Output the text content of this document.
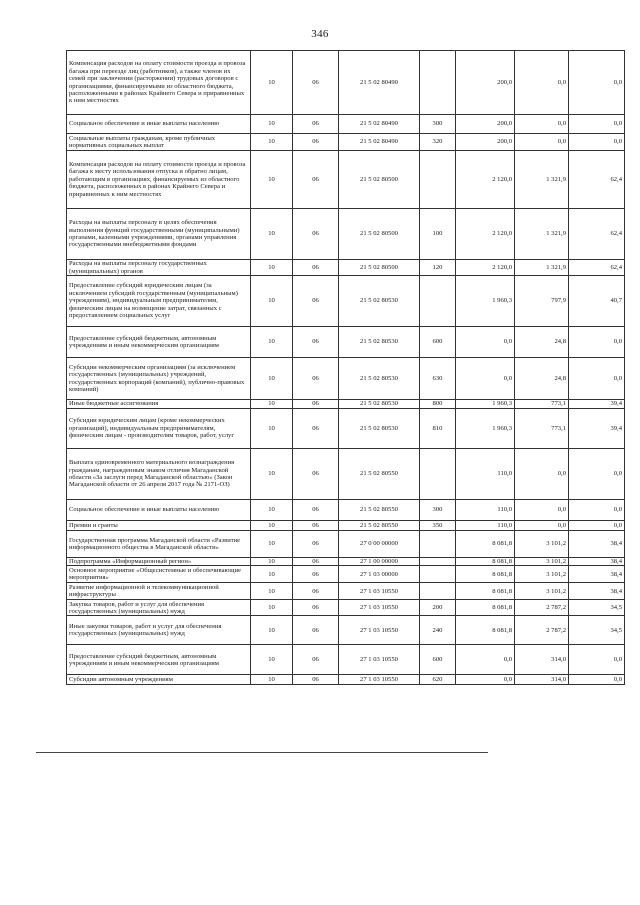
346
Компенсация расходов на оплату стоимости проезда и провоза багажа при переезде лиц (работников), а также членов их семей при заключении (расторжении) трудовых договоров с организациями, финансируемыми из областного бюджета, расположенными в районах Крайнего Севера и приравненных к ним местностях	10	06	21 5 02 80490		200,0	0,0	0,0
Социальное обеспечение и иные выплаты населению	10	06	21 5 02 80490	300	200,0	0,0	0,0
Социальные выплаты гражданам, кроме публичных нормативных социальных выплат	10	06	21 5 02 80490	320	200,0	0,0	0,0
Компенсация расходов на оплату стоимости проезда и провоза багажа к месту использования отпуска и обратно лицам, работающим в организациях, финансируемых из областного бюджета, расположенных в районах Крайнего Севера и приравненных к ним местностях	10	06	21 5 02 80500		2 120,0	1 321,9	62,4
Расходы на выплаты персоналу в целях обеспечения выполнения функций государственными (муниципальными) органами, казенными учреждениями, органами управления государственными внебюджетными фондами	10	06	21 5 02 80500	100	2 120,0	1 321,9	62,4
Расходы на выплаты персоналу государственных (муниципальных) органов	10	06	21 5 02 80500	120	2 120,0	1 321,9	62,4
Предоставление субсидий юридическим лицам (за исключением субсидий государственным (муниципальным) учреждениям), индивидуальным предпринимателям, физическим лицам на возмещение затрат, связанных с предоставлением социальных услуг	10	06	21 5 02 80530		1 960,3	797,9	40,7
Предоставление субсидий бюджетным, автономным учреждениям и иным некоммерческим организациям	10	06	21 5 02 80530	600	0,0	24,8	0,0
Субсидии некоммерческим организациям (за исключением государственных (муниципальных) учреждений, государственных корпораций (компаний), публично-правовых компаний)	10	06	21 5 02 80530	630	0,0	24,8	0,0
Иные бюджетные ассигнования	10	06	21 5 02 80530	800	1 960,3	773,1	39,4
Субсидии юридическим лицам (кроме некоммерческих организаций), индивидуальным предпринимателям, физическим лицам - производителям товаров, работ, услуг	10	06	21 5 02 80530	810	1 960,3	773,1	39,4
Выплата единовременного материального вознаграждения гражданам, награжденным знаком отличия Магаданской области «За заслуги перед Магаданской областью» (Закон Магаданской области от 26 апреля 2017 года № 2171-ОЗ)	10	06	21 5 02 80550		110,0	0,0	0,0
Социальное обеспечение и иные выплаты населению	10	06	21 5 02 80550	300	110,0	0,0	0,0
Премии и гранты	10	06	21 5 02 80550	350	110,0	0,0	0,0
Государственная программа Магаданской области «Развитие информационного общества в Магаданской области»	10	06	27 0 00 00000		8 081,8	3 101,2	38,4
Подпрограмма «Информационный регион»	10	06	27 1 00 00000		8 081,8	3 101,2	38,4
Основное мероприятие «Общесистемные и обеспечивающие мероприятия»	10	06	27 1 03 00000		8 081,8	3 101,2	38,4
Развитие информационной и телекоммуникационной инфраструктуры	10	06	27 1 03 10550		8 081,8	3 101,2	38,4
Закупка товаров, работ и услуг для обеспечения государственных (муниципальных) нужд	10	06	27 1 03 10550	200	8 081,8	2 787,2	34,5
Иные закупки товаров, работ и услуг для обеспечения государственных (муниципальных) нужд	10	06	27 1 03 10550	240	8 081,8	2 787,2	34,5
Предоставление субсидий бюджетным, автономным учреждениям и иным некоммерческим организациям	10	06	27 1 03 10550	600	0,0	314,0	0,0
Субсидии автономным учреждениям	10	06	27 1 03 10550	620	0,0	314,0	0,0
